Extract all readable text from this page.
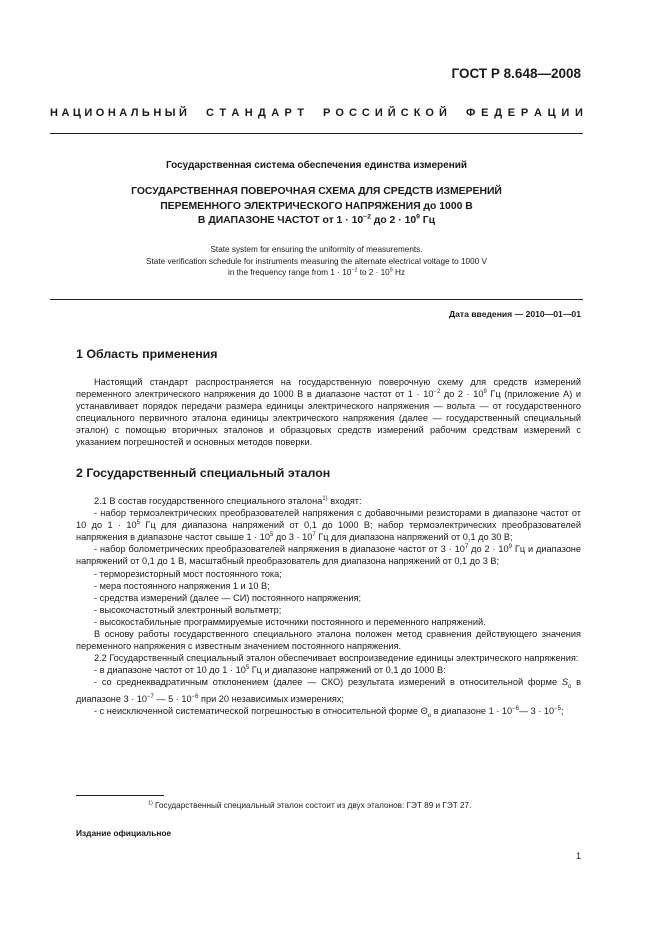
ГОСТ Р 8.648—2008
Н А Ц И О Н А Л Ь Н Ы Й С Т А Н Д А Р Т Р О С С И Й С К О Й Ф Е Д Е Р А Ц И И
Государственная система обеспечения единства измерений
ГОСУДАРСТВЕННАЯ ПОВЕРОЧНАЯ СХЕМА ДЛЯ СРЕДСТВ ИЗМЕРЕНИЙ
ПЕРЕМЕННОГО ЭЛЕКТРИЧЕСКОГО НАПРЯЖЕНИЯ до 1000 В
В ДИАПАЗОНЕ ЧАСТОТ от $1 \cdot 10^{-2}$ до $2 \cdot 10^9$ Гц
State system for ensuring the uniformity of measurements.
State verification schedule for instruments measuring the alternate electrical voltage to 1000 V
in the frequency range from $1 \cdot 10^{-2}$ to $2 \cdot 10^9$ Hz
Дата введения — 2010—01—01
1 Область применения

Настоящий стандарт распространяется на государственную поверочную схему для средств измерений переменного электрического напряжения до 1000 В в диапазоне частот от $1 \cdot 10^{-2}$ до $2 \cdot 10^9$ Гц (приложение А) и устанавливает порядок передачи размера единицы электрического напряжения — вольта — от государственного специального первичного эталона единицы электрического напряжения (далее — государственный специальный эталон) с помощью вторичных эталонов и образцовых средств измерений рабочим средствам измерений с указанием погрешностей и основных методов поверки.

2 Государственный специальный эталон

2.1 В состав государственного специального эталона$^{1)}$ входят:

- набор термоэлектрических преобразователей напряжения с добавочными резисторами в диапазоне частот от 10 до $1 \cdot 10^5$ Гц для диапазона напряжений от 0,1 до 1000 В; набор термоэлектрических преобразователей напряжения в диапазоне частот свыше $1 \cdot 10^5$ до $3 \cdot 10^7$ Гц для диапазона напряжений от 0,1 до 30 В;

- набор болометрических преобразователей напряжения в диапазоне частот от $3 \cdot 10^7$ до $2 \cdot 10^9$ Гц и диапазоне напряжений от 0,1 до 1 В, масштабный преобразователь для диапазона напряжений от 0,1 до 3 В;

- терморезисторный мост постоянного тока;

- мера постоянного напряжения 1 и 10 В;

- средства измерений (далее — СИ) постоянного напряжения;

- высокочастотный электронный вольтметр;

- высокостабильные программируемые источники постоянного и переменного напряжений.

В основу работы государственного специального эталона положен метод сравнения действующего значения переменного напряжения с известным значением постоянного напряжения.

2.2 Государственный специальный эталон обеспечивает воспроизведение единицы электрического напряжения:

- в диапазоне частот от 10 до $1 \cdot 10^5$ Гц и диапазоне напряжений от 0,1 до 1000 В:

- со среднеквадратичным отклонением (далее — СКО) результата измерений в относительной форме $S_o$ в диапазоне $3 \cdot 10^{-7}$ — $5 \cdot 10^{-6}$ при 20 независимых измерениях;

- с неисключенной систематической погрешностью в относительной форме $\Theta_o$ в диапазоне $1 \cdot 10^{-6}—$ $3 \cdot 10^{-5}$;

$^{1)}$ Государственный специальный эталон состоит из двух эталонов: ГЭТ 89 и ГЭТ 27.
Издание официальное
1
